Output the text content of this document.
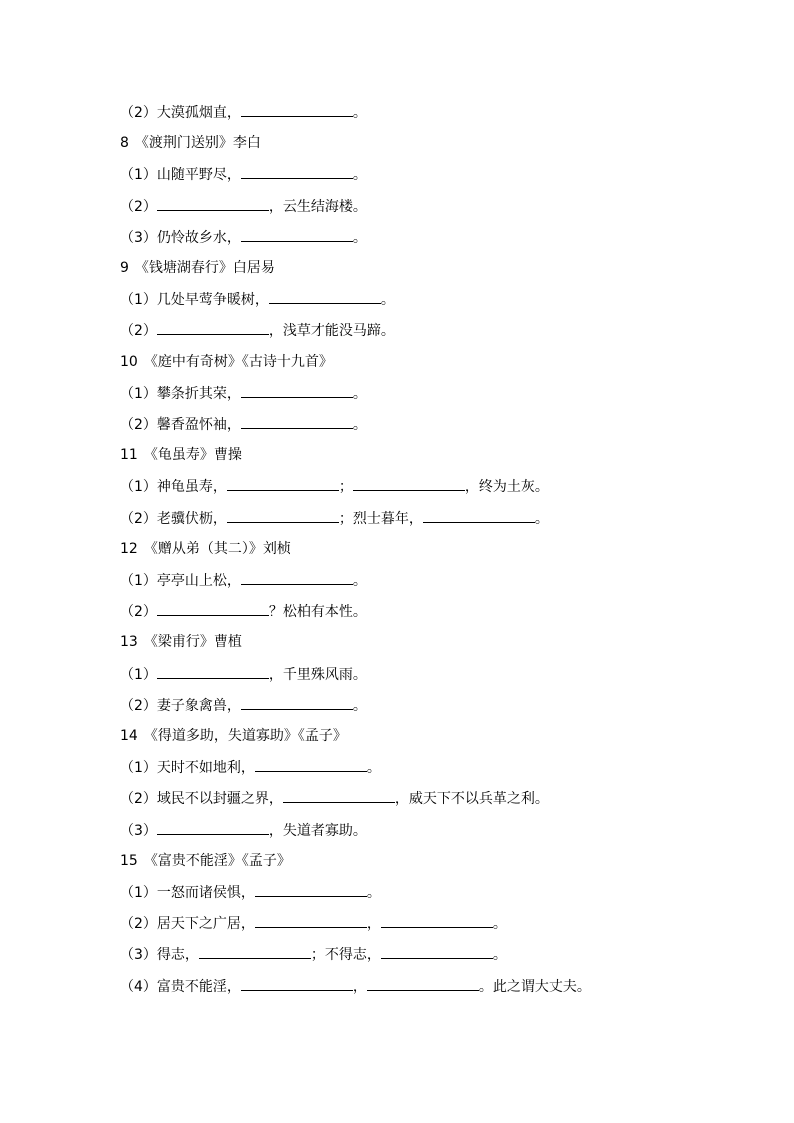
（2）大漠孤烟直，	。
8 《渡荆门送别》李白
（1）山随平野尽，	。
（2）	，云生结海楼。
（3）仍怜故乡水，	。
9 《钱塘湖春行》白居易
（1）几处早莺争暖树，	。
（2）	，浅草才能没马蹄。
10 《庭中有奇树》《古诗十九首》
（1）攀条折其荣，	。
（2）馨香盈怀袖，	。
11 《龟虽寿》曹操
（1）神龟虽寿，	；	，终为土灰。
（2）老骥伏枥，	；烈士暮年，	。
12 《赠从弟（其二）》刘桢
（1）亭亭山上松，	。
（2）	？松柏有本性。
13 《梁甫行》曹植
（1）	，千里殊风雨。
（2）妻子象禽兽，	。
14 《得道多助，失道寡助》《孟子》
（1）天时不如地利，	。
（2）域民不以封疆之界，	，威天下不以兵革之利。
（3）	，失道者寡助。
15 《富贵不能淫》《孟子》
（1）一怒而诸侯惧，	。
（2）居天下之广居，	，	。
（3）得志，	；不得志，	。
（4）富贵不能淫，	，	。此之谓大丈夫。
